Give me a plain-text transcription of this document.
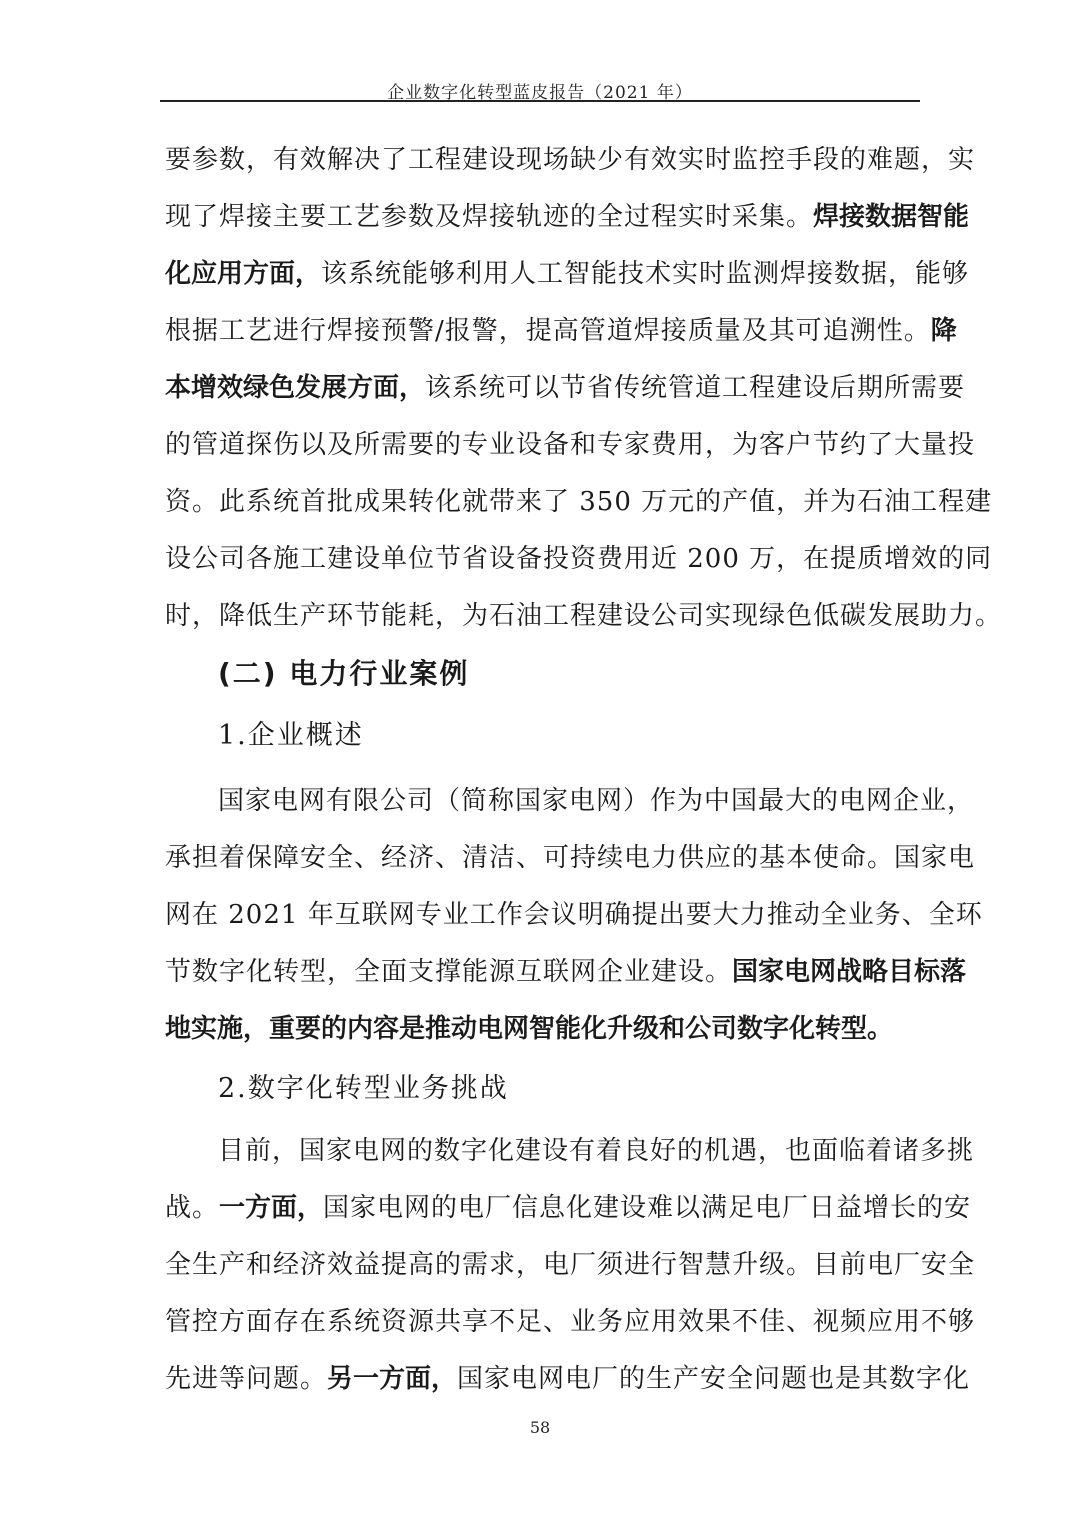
企业数字化转型蓝皮报告（2021 年）
要参数，有效解决了工程建设现场缺少有效实时监控手段的难题，实
现了焊接主要工艺参数及焊接轨迹的全过程实时采集。焊接数据智能
化应用方面，该系统能够利用人工智能技术实时监测焊接数据，能够
根据工艺进行焊接预警/报警，提高管道焊接质量及其可追溯性。降
本增效绿色发展方面，该系统可以节省传统管道工程建设后期所需要
的管道探伤以及所需要的专业设备和专家费用，为客户节约了大量投
资。此系统首批成果转化就带来了 350 万元的产值，并为石油工程建
设公司各施工建设单位节省设备投资费用近 200 万，在提质增效的同
时，降低生产环节能耗，为石油工程建设公司实现绿色低碳发展助力。
(二) 电力行业案例
1.企业概述
国家电网有限公司（简称国家电网）作为中国最大的电网企业，
承担着保障安全、经济、清洁、可持续电力供应的基本使命。国家电
网在 2021 年互联网专业工作会议明确提出要大力推动全业务、全环
节数字化转型，全面支撑能源互联网企业建设。国家电网战略目标落
地实施，重要的内容是推动电网智能化升级和公司数字化转型。
2.数字化转型业务挑战
目前，国家电网的数字化建设有着良好的机遇，也面临着诸多挑
战。一方面，国家电网的电厂信息化建设难以满足电厂日益增长的安
全生产和经济效益提高的需求，电厂须进行智慧升级。目前电厂安全
管控方面存在系统资源共享不足、业务应用效果不佳、视频应用不够
先进等问题。另一方面，国家电网电厂的生产安全问题也是其数字化
58
